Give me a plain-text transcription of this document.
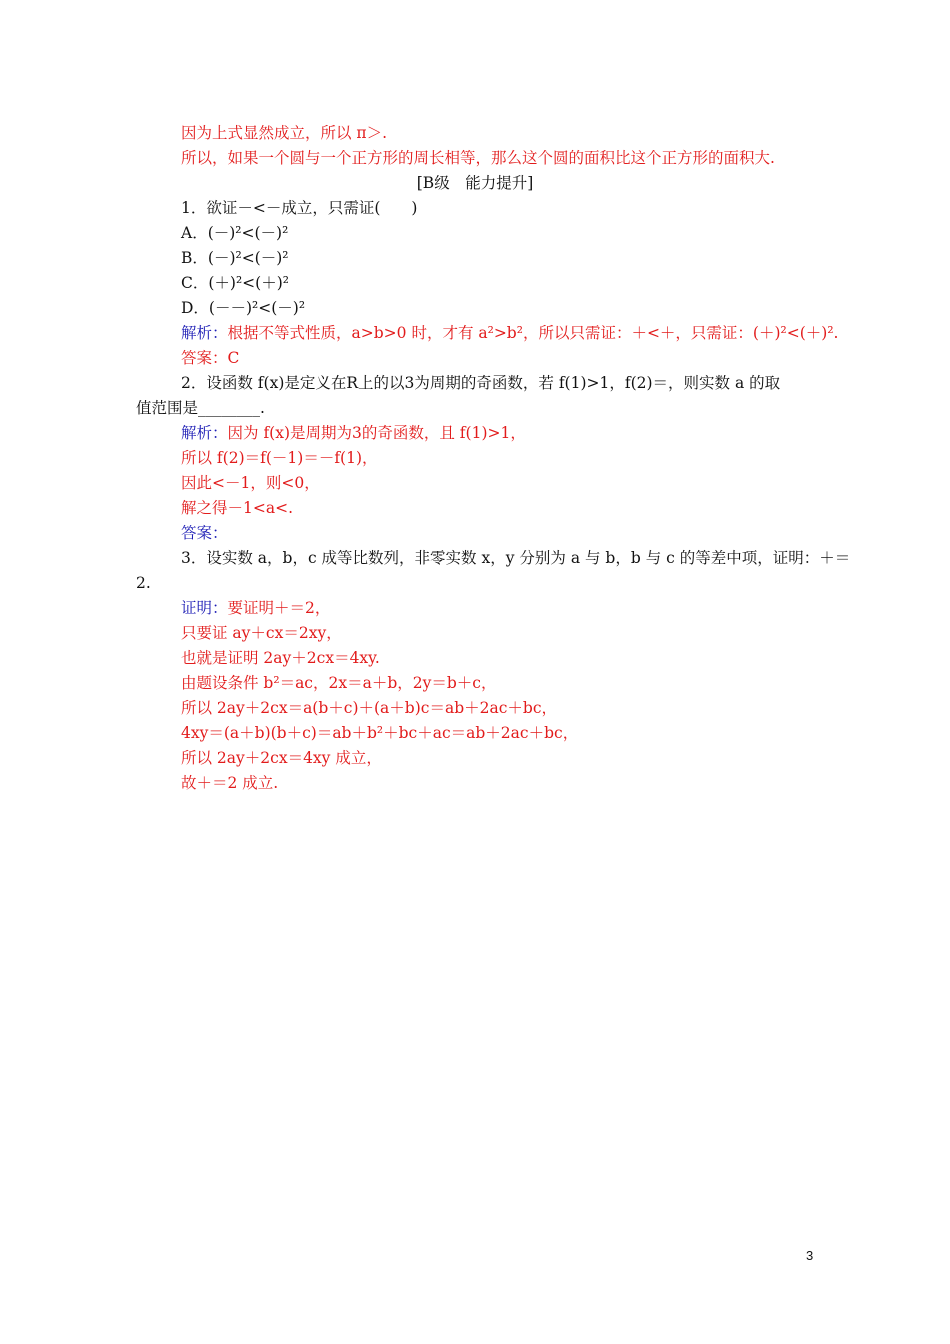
因为上式显然成立，所以 π＞.
所以，如果一个圆与一个正方形的周长相等，那么这个圆的面积比这个正方形的面积大.
[B级　能力提升]
1．欲证－<－成立，只需证(　　)
A．(－)²<(－)²
B．(－)²<(－)²
C．(＋)²<(＋)²
D．(－－)²<(－)²
解析：根据不等式性质，a>b>0 时，才有 a²>b²，所以只需证：＋<＋，只需证：(＋)²<(＋)².
答案：C
2．设函数 f(x)是定义在R上的以3为周期的奇函数，若 f(1)>1，f(2)＝，则实数 a 的取
值范围是________.
解析：因为 f(x)是周期为3的奇函数，且 f(1)>1，
所以 f(2)＝f(－1)＝－f(1)，
因此<－1，则<0，
解之得－1<a<.
答案：
3．设实数 a，b，c 成等比数列，非零实数 x，y 分别为 a 与 b，b 与 c 的等差中项，证明：＋＝
2.
证明：要证明＋＝2，
只要证 ay＋cx＝2xy，
也就是证明 2ay＋2cx＝4xy.
由题设条件 b²＝ac，2x＝a＋b，2y＝b＋c，
所以 2ay＋2cx＝a(b＋c)＋(a＋b)c＝ab＋2ac＋bc，
4xy＝(a＋b)(b＋c)＝ab＋b²＋bc＋ac＝ab＋2ac＋bc，
所以 2ay＋2cx＝4xy 成立，
故＋＝2 成立.
3
